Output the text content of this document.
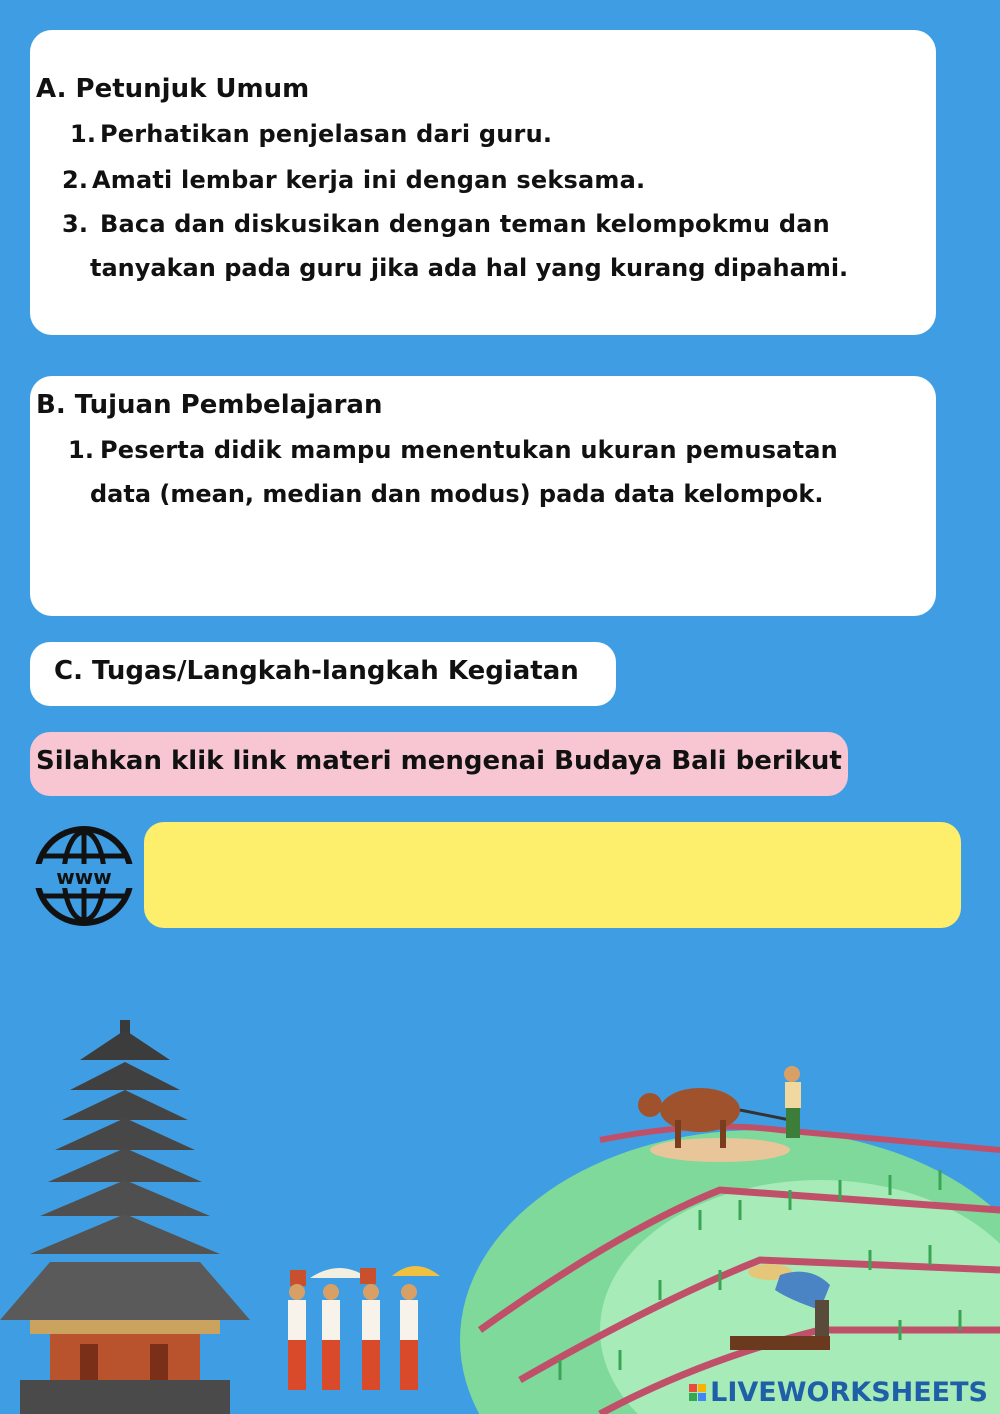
A. Petunjuk Umum
1. Perhatikan penjelasan dari guru.
2. Amati lembar kerja ini dengan seksama.
3. Baca dan diskusikan dengan teman kelompokmu dan
tanyakan pada guru jika ada hal yang kurang dipahami.
B. Tujuan Pembelajaran
1. Peserta didik mampu menentukan ukuran pemusatan
data (mean, median dan modus) pada data kelompok.
C. Tugas/Langkah-langkah Kegiatan
Silahkan klik link materi mengenai Budaya Bali berikut
www
LIVEWORKSHEETS
